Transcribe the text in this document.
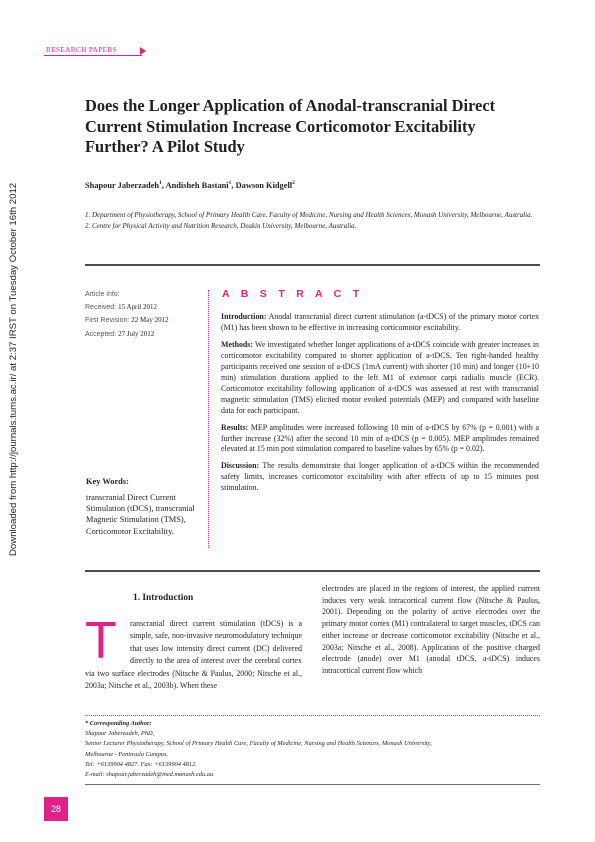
RESEARCH PAPERS
Downloaded from http://journals.tums.ac.ir/ at 2:37 IRST on Tuesday October 16th 2012
Does the Longer Application of Anodal-transcranial Direct Current Stimulation Increase Corticomotor Excitability Further? A Pilot Study
Shapour Jaberzadeh$^1$, Andisheh Bastani$^1$, Dawson Kidgell$^2$
1. Department of Physiotherapy, School of Primary Health Care, Faculty of Medicine, Nursing and Health Sciences, Monash University, Melbourne, Australia.
2. Centre for Physical Activity and Nutrition Research, Deakin University, Melbourne, Australia.
Article info:
Received: 15 April 2012
First Revision: 22 May 2012
Accepted: 27 July 2012
Key Words:
transcranial Direct Current Stimulation (tDCS), transcranial Magnetic Stimulation (TMS), Corticomotor Excitability.
A B S T R A C T

Introduction: Anodal transcranial direct current stimulation (a-tDCS) of the primary motor cortex (M1) has been shown to be effective in increasing corticomotor excitability.

Methods: We investigated whether longer applications of a-tDCS coincide with greater increases in corticomotor excitability compared to shorter application of a-tDCS. Ten right-handed healthy participants received one session of a-tDCS (1mA current) with shorter (10 min) and longer (10+10 min) stimulation durations applied to the left M1 of extensor carpi radialis muscle (ECR). Corticomotor excitability following application of a-tDCS was assessed at rest with transcranial magnetic stimulation (TMS) elicited motor evoked potentials (MEP) and compared with baseline data for each participant.

Results: MEP amplitudes were increased following 10 min of a-tDCS by 67% (p = 0.001) with a further increase (32%) after the second 10 min of a-tDCS (p = 0.005). MEP amplitudes remained elevated at 15 min post stimulation compared to baseline values by 65% (p = 0.02).

Discussion: The results demonstrate that longer application of a-tDCS within the recommended safety limits, increases corticomotor excitability with after effects of up to 15 minutes post stimulation.

1. Introduction
T	ranscranial direct current stimulation (tDCS) is a simple, safe, non-invasive neuromodulatory technique that uses low intensity direct current (DC) delivered directly to the area of interest over the cerebral cortex via two surface electrodes (Nitsche & Paulus, 2000; Nitsche et al., 2003a; Nitsche et al., 2003b). When these
electrodes are placed in the regions of interest, the applied current induces very weak intracortical current flow (Nitsche & Paulus, 2001). Depending on the polarity of active electrodes over the primary motor cortex (M1) contralateral to target muscles, tDCS can either increase or decrease corticomotor excitability (Nitsche et al., 2003a; Nitsche et al., 2008). Application of the positive charged electrode (anode) over M1 (anodal tDCS, a-tDCS) induces intracortical current flow which
* Corresponding Author:
Shapour Jaberzadeh, PhD,
Senior Lecturer Physiotherapy, School of Primary Health Care, Faculty of Medicine, Nursing and Health Sciences, Monash University,
Melbourne - Peninsula Campus.
Tel: +6139904 4827. Fax: +6139904 4812.
E-mail: shapour.jaberzadeh@med.monash.edu.au
28
